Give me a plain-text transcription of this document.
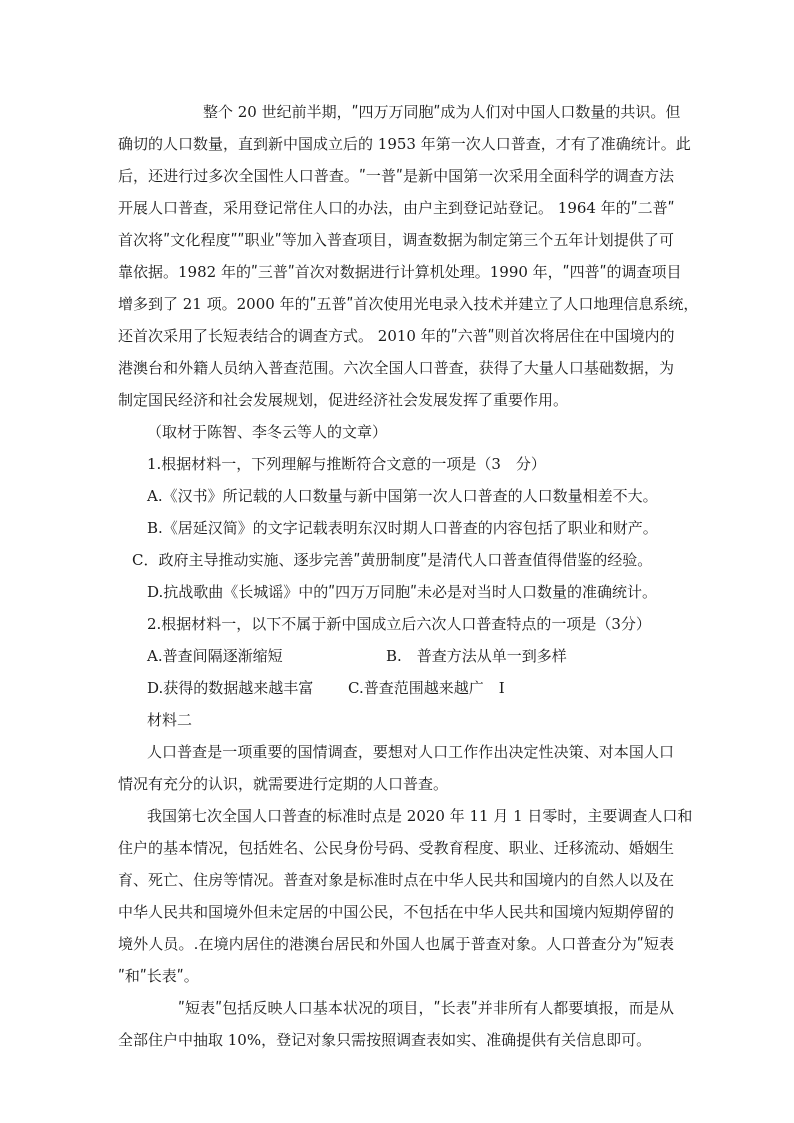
整个 20 世纪前半期，ʺ四万万同胞ʺ成为人们对中国人口数量的共识。但
确切的人口数量，直到新中国成立后的 1953 年第一次人口普查，才有了准确统计。此
后，还进行过多次全国性人口普查。ʺ一普ʺ是新中国第一次采用全面科学的调查方法
开展人口普查，采用登记常住人口的办法，由户主到登记站登记。 1964 年的ʺ二普ʺ
首次将ʺ文化程度ʺʺ职业ʺ等加入普查项目，调查数据为制定第三个五年计划提供了可
靠依据。1982 年的ʺ三普ʺ首次对数据进行计算机处理。1990 年，ʺ四普ʺ的调查项目
增多到了 21 项。2000 年的ʺ五普ʺ首次使用光电录入技术并建立了人口地理信息系统，
还首次采用了长短表结合的调查方式。 2010 年的ʺ六普ʺ则首次将居住在中国境内的
港澳台和外籍人员纳入普查范围。六次全国人口普查，获得了大量人口基础数据，为
制定国民经济和社会发展规划，促进经济社会发展发挥了重要作用。
（取材于陈智、李冬云等人的文章）
1.根据材料一，下列理解与推断符合文意的一项是（3　分）
A.《汉书》所记载的人口数量与新中国第一次人口普查的人口数量相差不大。
B.《居延汉简》的文字记载表明东汉时期人口普查的内容包括了职业和财产。
C．政府主导推动实施、逐步完善ʺ黄册制度ʺ是清代人口普查值得借鉴的经验。
D.抗战歌曲《长城谣》中的ʺ四万万同胞ʺ未必是对当时人口数量的准确统计。
2.根据材料一，以下不属于新中国成立后六次人口普查特点的一项是（3分）
A.普查间隔逐渐缩短	B.　普查方法从单一到多样
D.获得的数据越来越丰富 C.普查范围越来越广　I
材料二
人口普查是一项重要的国情调查，要想对人口工作作出决定性决策、对本国人口
情况有充分的认识，就需要进行定期的人口普查。
我国第七次全国人口普查的标准时点是 2020 年 11 月 1 日零时，主要调查人口和
住户的基本情况，包括姓名、公民身份号码、受教育程度、职业、迁移流动、婚姻生
育、死亡、住房等情况。普查对象是标准时点在中华人民共和国境内的自然人以及在
中华人民共和国境外但未定居的中国公民，不包括在中华人民共和国境内短期停留的
境外人员。.在境内居住的港澳台居民和外国人也属于普查对象。人口普查分为ʺ短表
ʺ和ʺ长表ʺ。
ʺ短表ʺ包括反映人口基本状况的项目，ʺ长表ʺ并非所有人都要填报，而是从
全部住户中抽取 10%，登记对象只需按照调查表如实、准确提供有关信息即可。
